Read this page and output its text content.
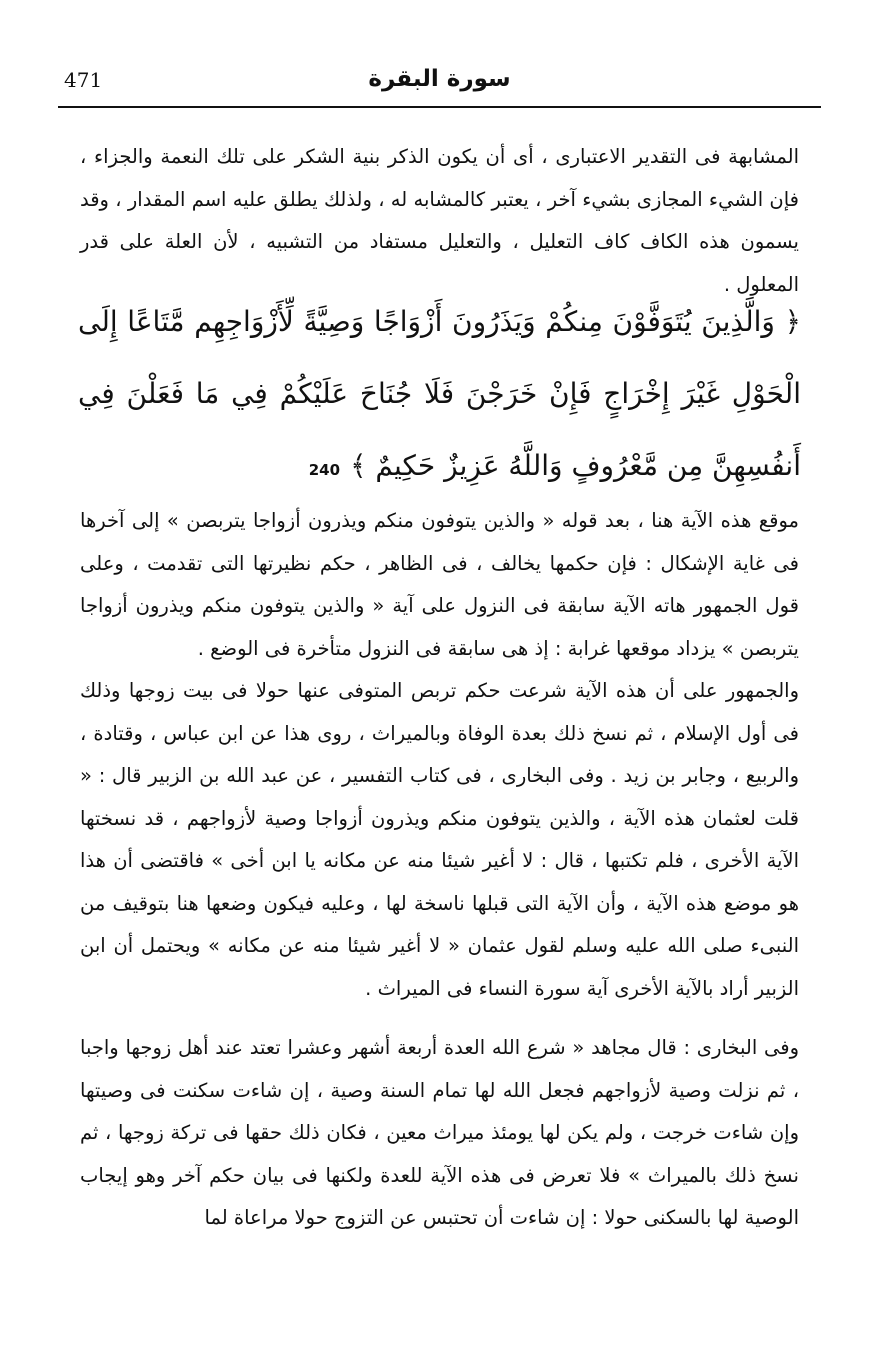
471	سورة البقرة

المشابهة فى التقدير الاعتبارى ، أى أن يكون الذكر بنية الشكر على تلك النعمة والجزاء ، فإن الشيء المجازى بشيء آخر ، يعتبر كالمشابه له ، ولذلك يطلق عليه اسم المقدار ، وقد يسمون هذه الكاف كاف التعليل ، والتعليل مستفاد من التشبيه ، لأن العلة على قدر المعلول .

﴿ وَالَّذِينَ يُتَوَفَّوْنَ مِنكُمْ وَيَذَرُونَ أَزْوَاجًا وَصِيَّةً لِّأَزْوَاجِهِم مَّتَاعًا إِلَى الْحَوْلِ غَيْرَ إِخْرَاجٍ فَإِنْ خَرَجْنَ فَلَا جُنَاحَ عَلَيْكُمْ فِي مَا فَعَلْنَ فِي أَنفُسِهِنَّ مِن مَّعْرُوفٍ وَاللَّهُ عَزِيزٌ حَكِيمٌ ﴾240

موقع هذه الآية هنا ، بعد قوله « والذين يتوفون منكم ويذرون أزواجا يتربصن » إلى آخرها فى غاية الإشكال : فإن حكمها يخالف ، فى الظاهر ، حكم نظيرتها التى تقدمت ، وعلى قول الجمهور هاته الآية سابقة فى النزول على آية « والذين يتوفون منكم ويذرون أزواجا يتربصن » يزداد موقعها غرابة : إذ هى سابقة فى النزول متأخرة فى الوضع .

والجمهور على أن هذه الآية شرعت حكم تربص المتوفى عنها حولا فى بيت زوجها وذلك فى أول الإسلام ، ثم نسخ ذلك بعدة الوفاة وبالميراث ، روى هذا عن ابن عباس ، وقتادة ، والربيع ، وجابر بن زيد . وفى البخارى ، فى كتاب التفسير ، عن عبد الله بن الزبير قال : « قلت لعثمان هذه الآية ، والذين يتوفون منكم ويذرون أزواجا وصية لأزواجهم ، قد نسختها الآية الأخرى ، فلم تكتبها ، قال : لا أغير شيئا منه عن مكانه يا ابن أخى » فاقتضى أن هذا هو موضع هذه الآية ، وأن الآية التى قبلها ناسخة لها ، وعليه فيكون وضعها هنا بتوقيف من النبىء صلى الله عليه وسلم لقول عثمان « لا أغير شيئا منه عن مكانه » ويحتمل أن ابن الزبير أراد بالآية الأخرى آية سورة النساء فى الميراث .

وفى البخارى : قال مجاهد « شرع الله العدة أربعة أشهر وعشرا تعتد عند أهل زوجها واجبا ، ثم نزلت وصية لأزواجهم فجعل الله لها تمام السنة وصية ، إن شاءت سكنت فى وصيتها وإن شاءت خرجت ، ولم يكن لها يومئذ ميراث معين ، فكان ذلك حقها فى تركة زوجها ، ثم نسخ ذلك بالميراث » فلا تعرض فى هذه الآية للعدة ولكنها فى بيان حكم آخر وهو إيجاب الوصية لها بالسكنى حولا : إن شاءت أن تحتبس عن التزوج حولا مراعاة لما
